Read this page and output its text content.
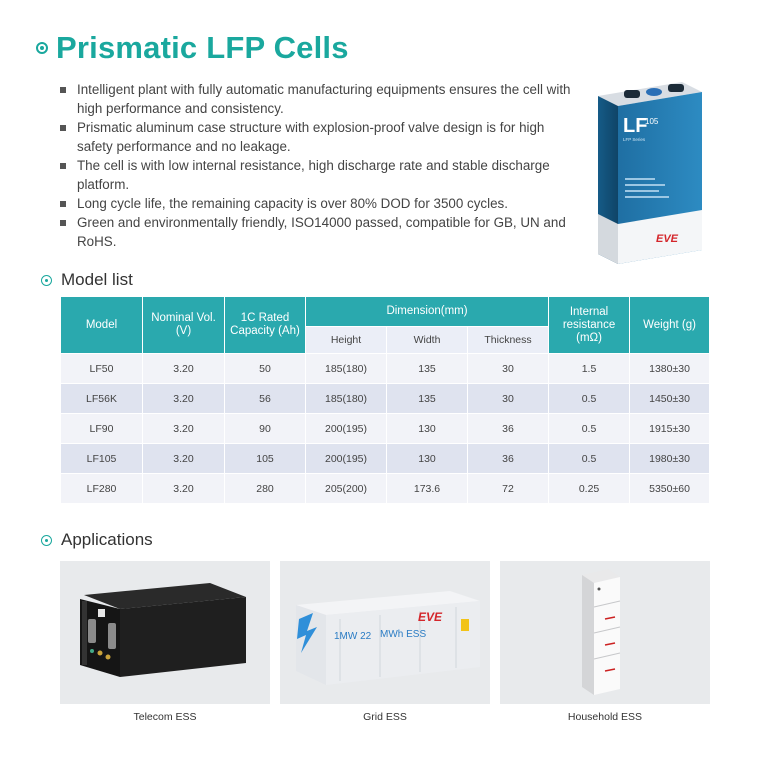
Prismatic LFP Cells
Intelligent plant with fully automatic manufacturing equipments ensures the cell with high performance and consistency.
Prismatic aluminum case structure with explosion-proof valve design is for high safety performance and no leakage.
The cell is with low internal resistance, high discharge rate and stable discharge platform.
Long cycle life, the remaining capacity is over 80% DOD for 3500 cycles.
Green and environmentally friendly, ISO14000 passed, compatible for GB, UN and RoHS.
LF
105
LFP Series
EVE
Model list
Model	Nominal Vol. (V)	1C Rated Capacity (Ah)	Dimension(mm)			Internal resistance (mΩ)	Weight (g)
			Height	Width	Thickness		
LF50	3.20	50	185(180)	135	30	1.5	1380±30
LF56K	3.20	56	185(180)	135	30	0.5	1450±30
LF90	3.20	90	200(195)	130	36	0.5	1915±30
LF105	3.20	105	200(195)	130	36	0.5	1980±30
LF280	3.20	280	205(200)	173.6	72	0.25	5350±60
Applications
Telecom ESS
1MW 22 MWh ESS
EVE
Grid ESS	Household ESS
